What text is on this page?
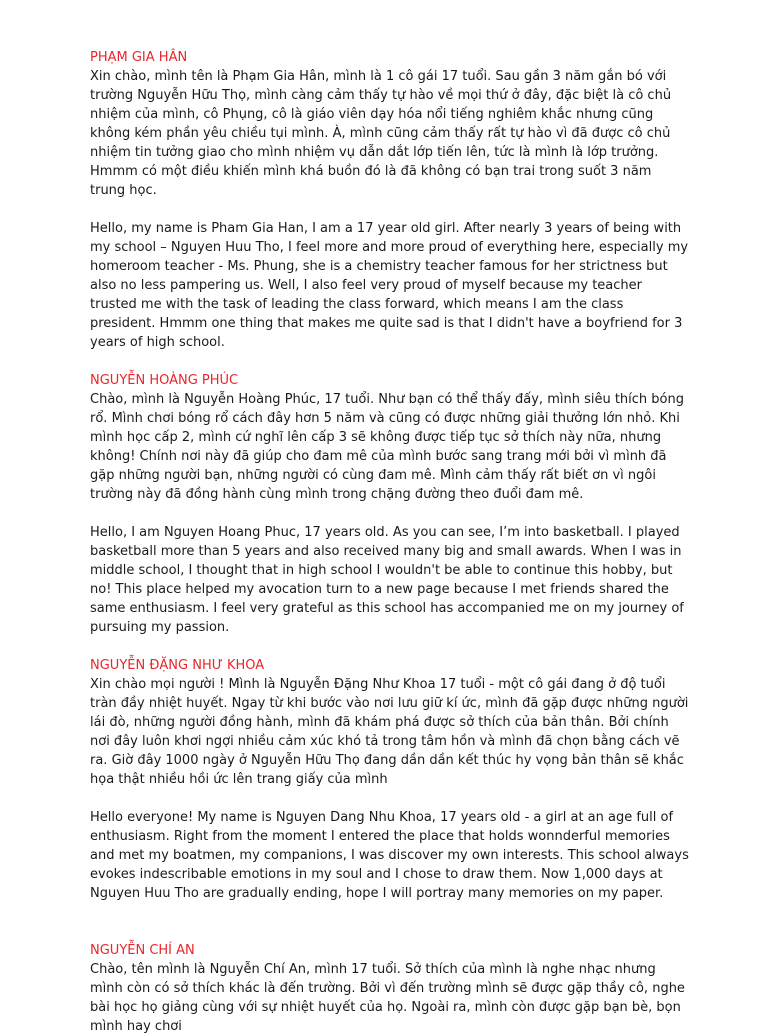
PHẠM GIA HÂN

Xin chào, mình tên là Phạm Gia Hân, mình là 1 cô gái 17 tuổi. Sau gần 3 năm gắn bó với trường Nguyễn Hữu Thọ, mình càng cảm thấy tự hào về mọi thứ ở đây, đặc biệt là cô chủ nhiệm của mình, cô Phụng, cô là giáo viên dạy hóa nổi tiếng nghiêm khắc nhưng cũng không kém phần yêu chiều tụi mình. À, mình cũng cảm thấy rất tự hào vì đã được cô chủ nhiệm tin tưởng giao cho mình nhiệm vụ dẫn dắt lớp tiến lên, tức là mình là lớp trưởng. Hmmm có một điều khiến mình khá buồn đó là đã không có bạn trai trong suốt 3 năm trung học.

Hello, my name is Pham Gia Han, I am a 17 year old girl. After nearly 3 years of being with my school – Nguyen Huu Tho, I feel more and more proud of everything here, especially my homeroom teacher - Ms. Phung, she is a chemistry teacher famous for her strictness but also no less pampering us. Well, I also feel very proud of myself because my teacher trusted me with the task of leading the class forward, which means I am the class president. Hmmm one thing that makes me quite sad is that I didn't have a boyfriend for 3 years of high school.

NGUYỄN HOÀNG PHÚC

Chào, mình là Nguyễn Hoàng Phúc, 17 tuổi. Như bạn có thể thấy đấy, mình siêu thích bóng rổ. Mình chơi bóng rổ cách đây hơn 5 năm và cũng có được những giải thưởng lớn nhỏ. Khi mình học cấp 2, mình cứ nghĩ lên cấp 3 sẽ không được tiếp tục sở thích này nữa, nhưng không! Chính nơi này đã giúp cho đam mê của mình bước sang trang mới bởi vì mình đã gặp những người bạn, những người có cùng đam mê. Mình cảm thấy rất biết ơn vì ngôi trường này đã đồng hành cùng mình trong chặng đường theo đuổi đam mê.

Hello, I am Nguyen Hoang Phuc, 17 years old. As you can see, I’m into basketball. I played basketball more than 5 years and also received many big and small awards. When I was in middle school, I thought that in high school I wouldn't be able to continue this hobby, but no! This place helped my avocation turn to a new page because I met friends shared the same enthusiasm. I feel very grateful as this school has accompanied me on my journey of pursuing my passion.

NGUYỄN ĐẶNG NHƯ KHOA

Xin chào mọi người ! Mình là Nguyễn Đặng Như Khoa 17 tuổi - một cô gái đang ở độ tuổi tràn đầy nhiệt huyết. Ngay từ khi bước vào nơi lưu giữ kí ức, mình đã gặp được những người lái đò, những người đồng hành, mình đã khám phá được sở thích của bản thân. Bởi chính nơi đây luôn khơi ngợi nhiều cảm xúc khó tả trong tâm hồn và mình đã chọn bằng cách vẽ ra. Giờ đây 1000 ngày ở Nguyễn Hữu Thọ đang dần dần kết thúc hy vọng bản thân sẽ khắc họa thật nhiều hồi ức lên trang giấy của mình

Hello everyone! My name is Nguyen Dang Nhu Khoa, 17 years old - a girl at an age full of enthusiasm. Right from the moment I entered the place that holds wonnderful memories and met my boatmen, my companions, I was discover my own interests. This school always evokes indescribable emotions in my soul and I chose to draw them. Now 1,000 days at Nguyen Huu Tho are gradually ending, hope I will portray many memories on my paper.

NGUYỄN CHÍ AN

Chào, tên mình là Nguyễn Chí An, mình 17 tuổi. Sở thích của mình là nghe nhạc nhưng mình còn có sở thích khác là đến trường. Bởi vì đến trường mình sẽ được gặp thầy cô, nghe bài học họ giảng cùng với sự nhiệt huyết của họ. Ngoài ra, mình còn được gặp bạn bè, bọn mình hay chơi
